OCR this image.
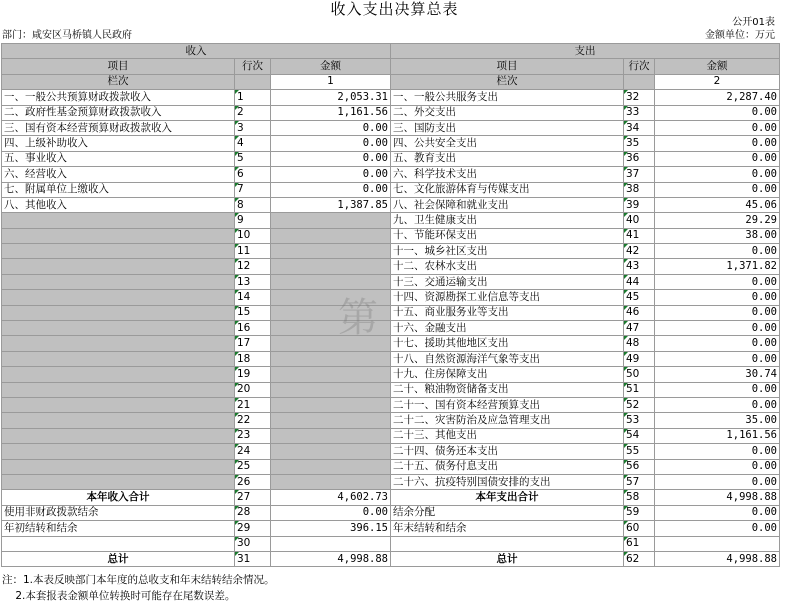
收入支出决算总表
公开01表
部门：咸安区马桥镇人民政府	金额单位：万元
收入			支出		
项目	行次	金额	项目	行次	金额
栏次		1	栏次		2
一、一般公共预算财政拨款收入	1	2,053.31	一、一般公共服务支出	32	2,287.40
二、政府性基金预算财政拨款收入	2	1,161.56	二、外交支出	33	0.00
三、国有资本经营预算财政拨款收入	3	0.00	三、国防支出	34	0.00
四、上级补助收入	4	0.00	四、公共安全支出	35	0.00
五、事业收入	5	0.00	五、教育支出	36	0.00
六、经营收入	6	0.00	六、科学技术支出	37	0.00
七、附属单位上缴收入	7	0.00	七、文化旅游体育与传媒支出	38	0.00
八、其他收入	8	1,387.85	八、社会保障和就业支出	39	45.06
	9		九、卫生健康支出	40	29.29
	10		十、节能环保支出	41	38.00
	11		十一、城乡社区支出	42	0.00
	12		十二、农林水支出	43	1,371.82
	13		十三、交通运输支出	44	0.00
	14		十四、资源勘探工业信息等支出	45	0.00
	15		十五、商业服务业等支出	46	0.00
	16		十六、金融支出	47	0.00
	17		十七、援助其他地区支出	48	0.00
	18		十八、自然资源海洋气象等支出	49	0.00
	19		十九、住房保障支出	50	30.74
	20		二十、粮油物资储备支出	51	0.00
	21		二十一、国有资本经营预算支出	52	0.00
	22		二十二、灾害防治及应急管理支出	53	35.00
	23		二十三、其他支出	54	1,161.56
	24		二十四、债务还本支出	55	0.00
	25		二十五、债务付息支出	56	0.00
	26		二十六、抗疫特别国债安排的支出	57	0.00
本年收入合计	27	4,602.73	本年支出合计	58	4,998.88
使用非财政拨款结余	28	0.00	结余分配	59	0.00
年初结转和结余	29	396.15	年末结转和结余	60	0.00
	30			61	
总计	31	4,998.88	总计	62	4,998.88
第
注：1.本表反映部门本年度的总收支和年末结转结余情况。
2.本套报表金额单位转换时可能存在尾数误差。
